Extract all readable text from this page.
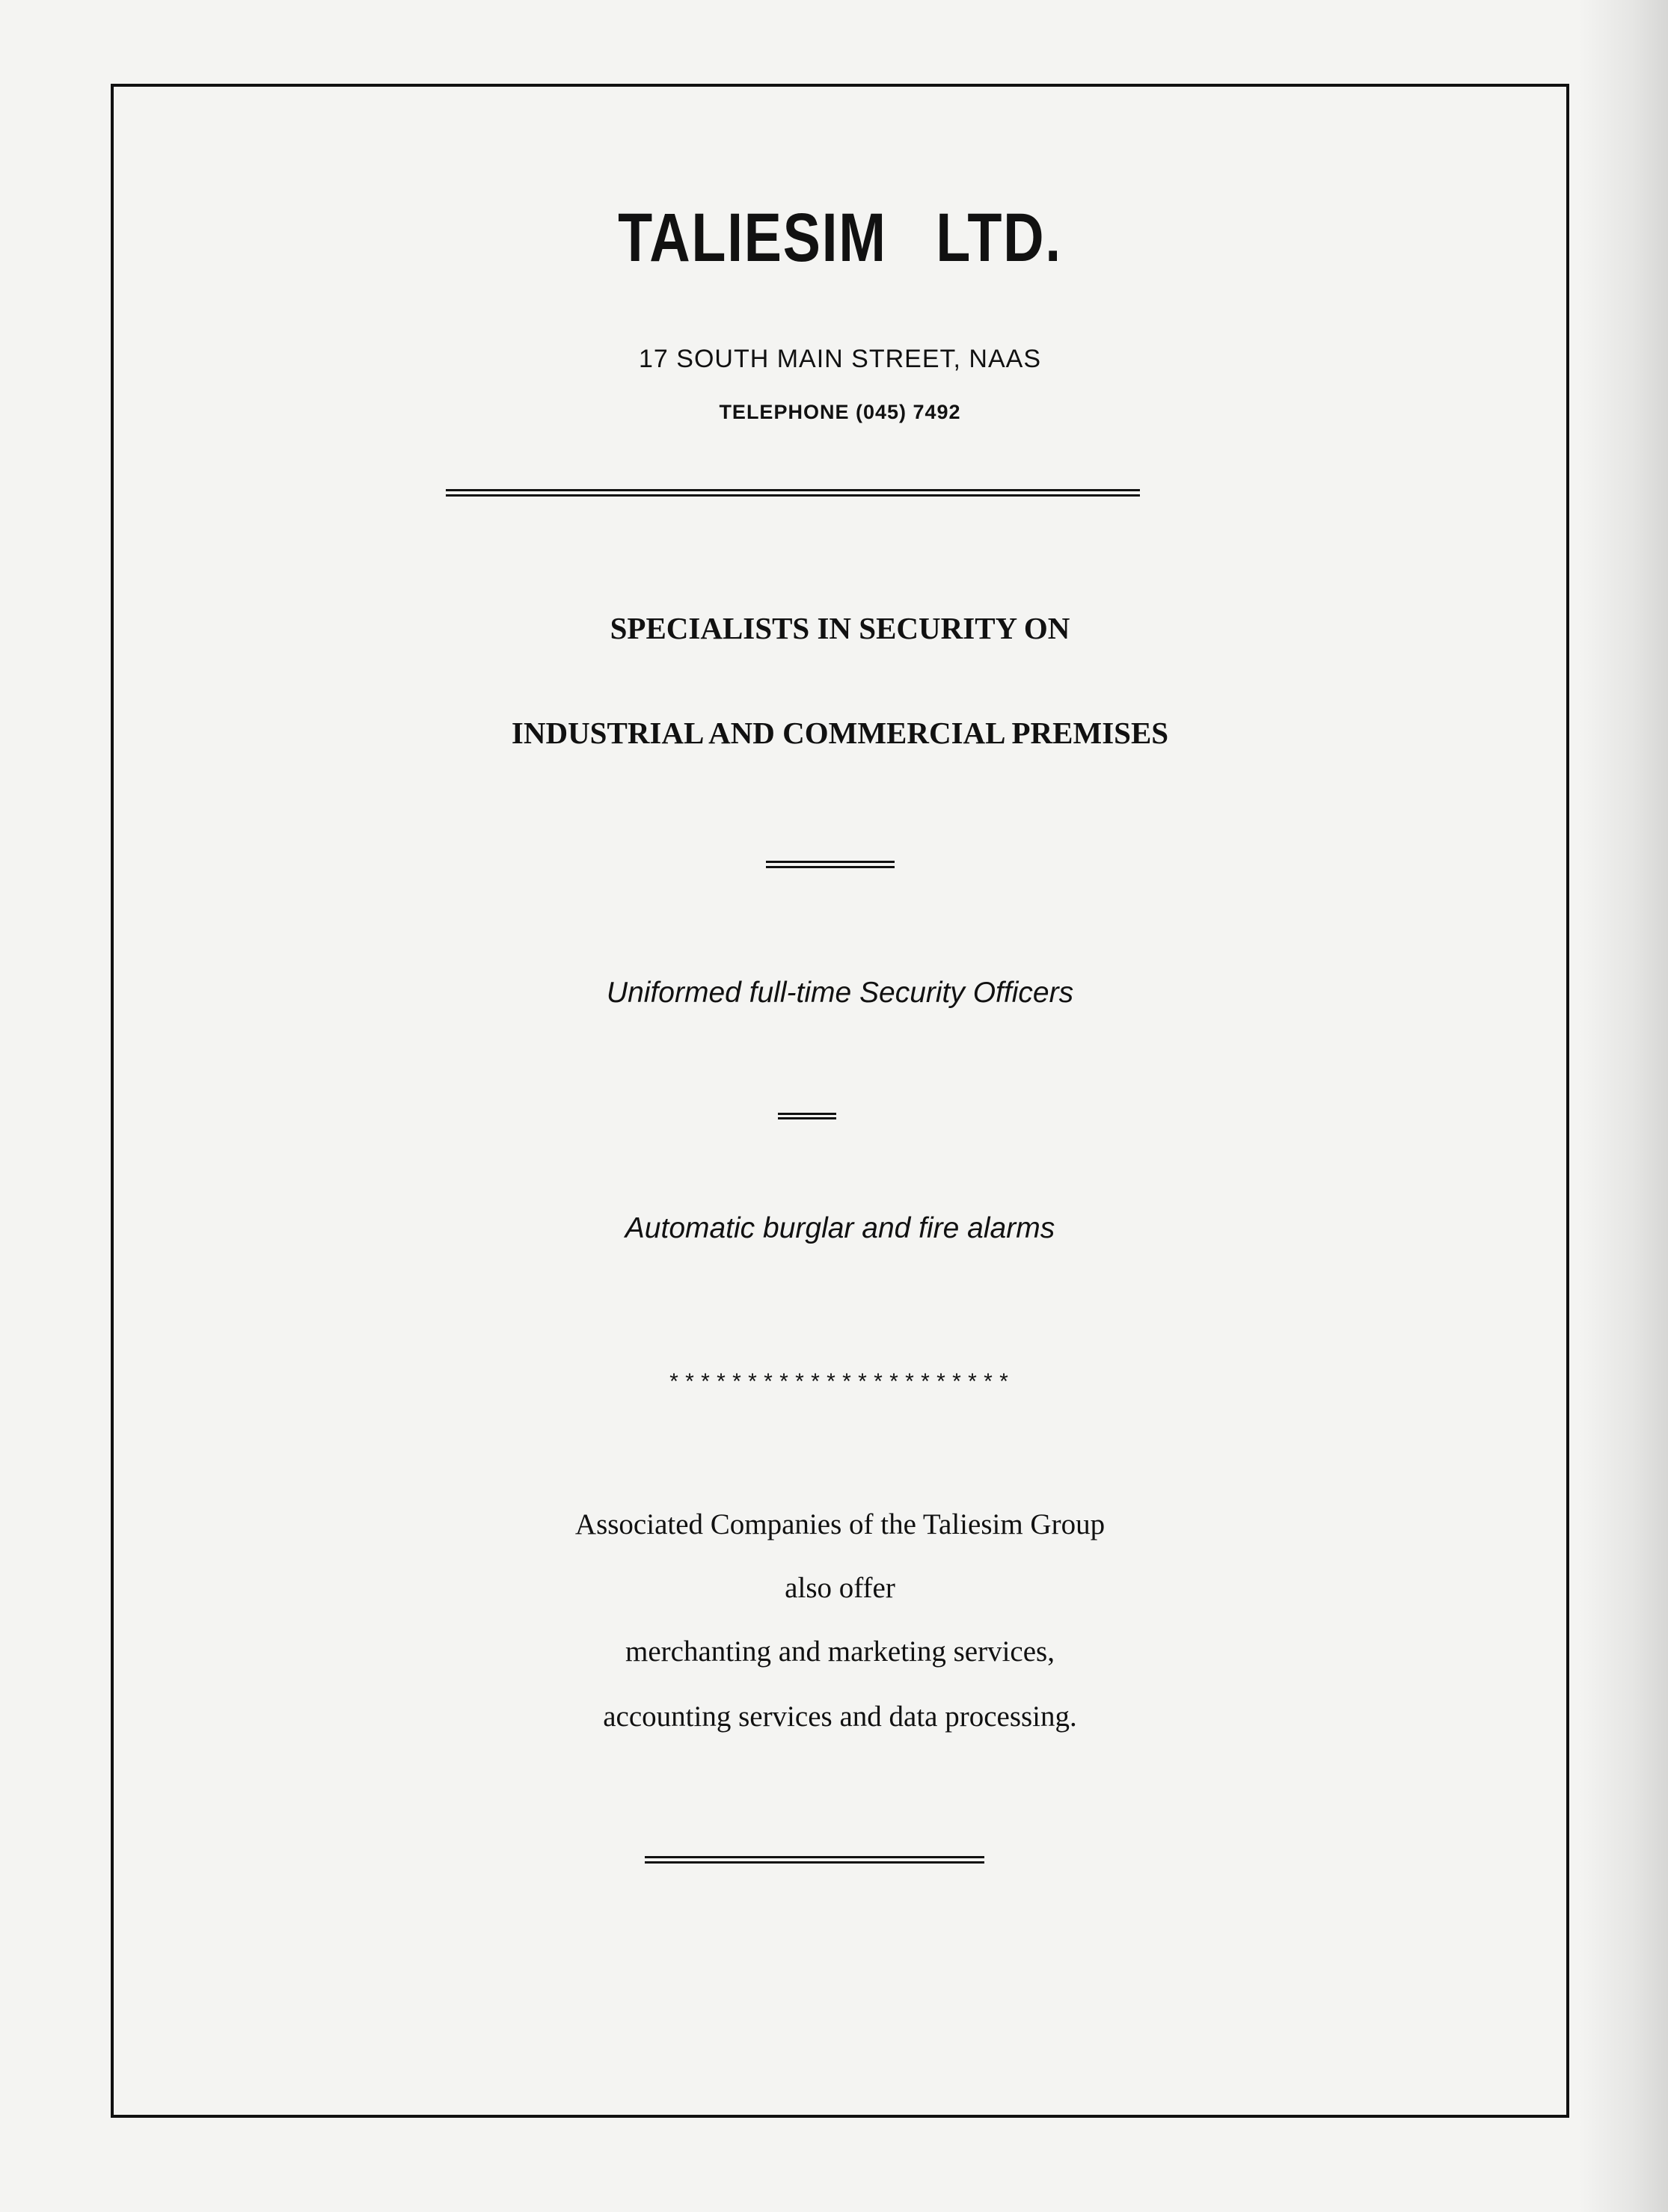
TALIESIM LTD.
17 SOUTH MAIN STREET, NAAS
TELEPHONE (045) 7492
SPECIALISTS IN SECURITY ON
INDUSTRIAL AND COMMERCIAL PREMISES
Uniformed full-time Security Officers
Automatic burglar and fire alarms
**********************
Associated Companies of the Taliesim Group
also offer
merchanting and marketing services,
accounting services and data processing.
